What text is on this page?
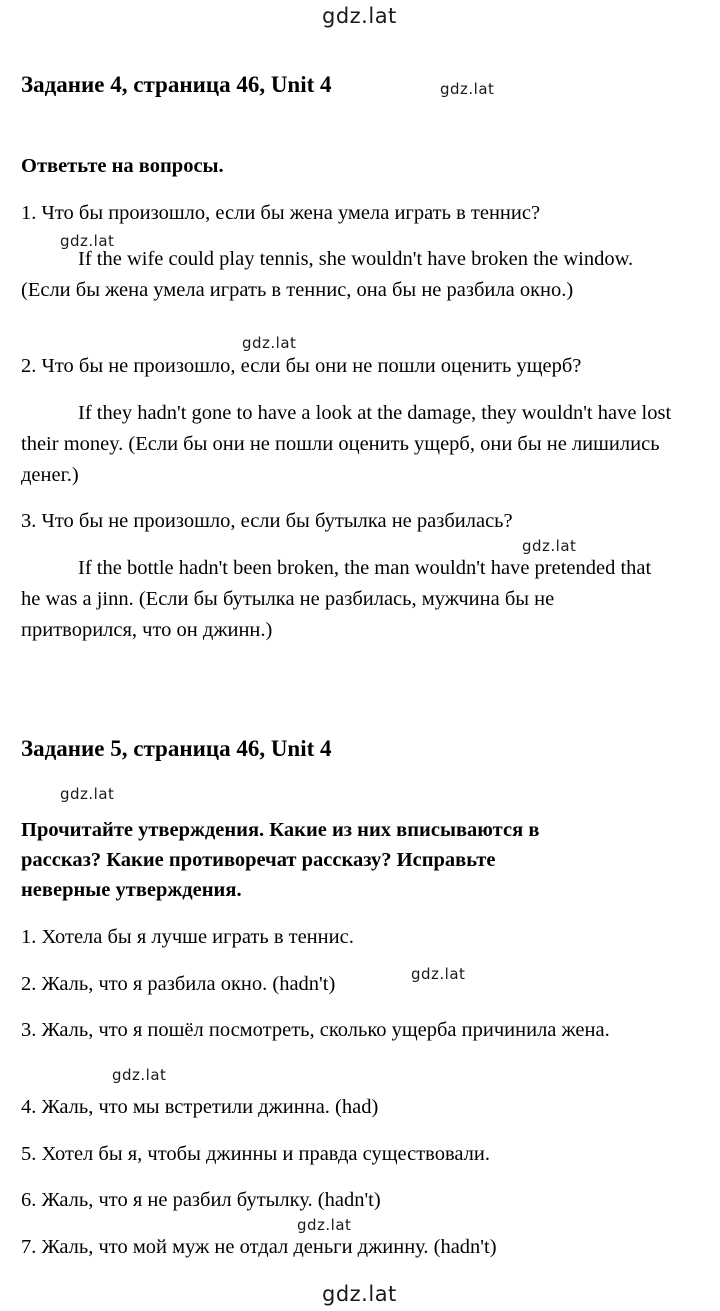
gdz.lat
gdz.lat
gdz.lat
gdz.lat
gdz.lat
gdz.lat
gdz.lat
gdz.lat
gdz.lat
gdz.lat
Задание 4, страница 46, Unit 4
Ответьте на вопросы.
1. Что бы произошло, если бы жена умела играть в теннис?
If the wife could play tennis, she wouldn't have broken the window. (Если бы жена умела играть в теннис, она бы не разбила окно.)
2. Что бы не произошло, если бы они не пошли оценить ущерб?
If they hadn't gone to have a look at the damage, they wouldn't have lost their money. (Если бы они не пошли оценить ущерб, они бы не лишились денег.)
3. Что бы не произошло, если бы бутылка не разбилась?
If the bottle hadn't been broken, the man wouldn't have pretended that he was a jinn. (Если бы бутылка не разбилась, мужчина бы не притворился, что он джинн.)
Задание 5, страница 46, Unit 4
Прочитайте утверждения. Какие из них вписываются в рассказ? Какие противоречат рассказу? Исправьте неверные утверждения.
1. Хотела бы я лучше играть в теннис.
2. Жаль, что я разбила окно. (hadn't)
3. Жаль, что я пошёл посмотреть, сколько ущерба причинила жена.
4. Жаль, что мы встретили джинна. (had)
5. Хотел бы я, чтобы джинны и правда существовали.
6. Жаль, что я не разбил бутылку. (hadn't)
7. Жаль, что мой муж не отдал деньги джинну. (hadn't)
